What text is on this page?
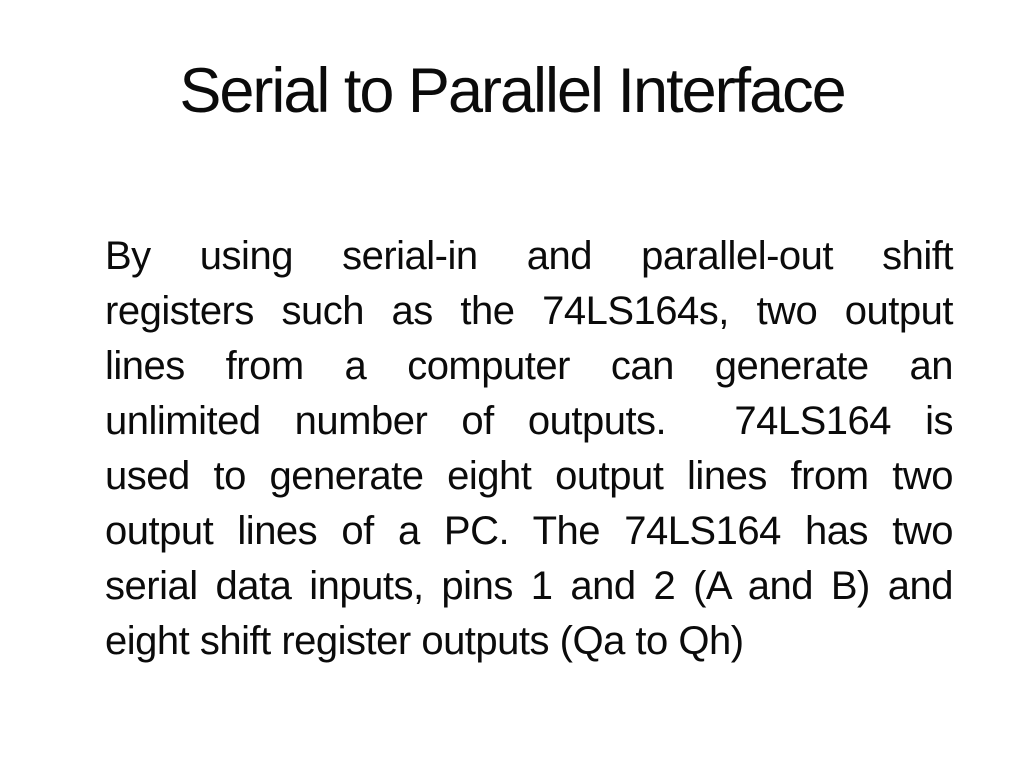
Serial to Parallel Interface
By using serial-in and parallel-out shift
registers such as the 74LS164s, two output
lines from a computer can generate an
unlimited number of outputs.  74LS164 is
used to generate eight output lines from two
output lines of a PC. The 74LS164 has two
serial data inputs, pins 1 and 2 (A and B) and
eight shift register outputs (Qa to Qh)
